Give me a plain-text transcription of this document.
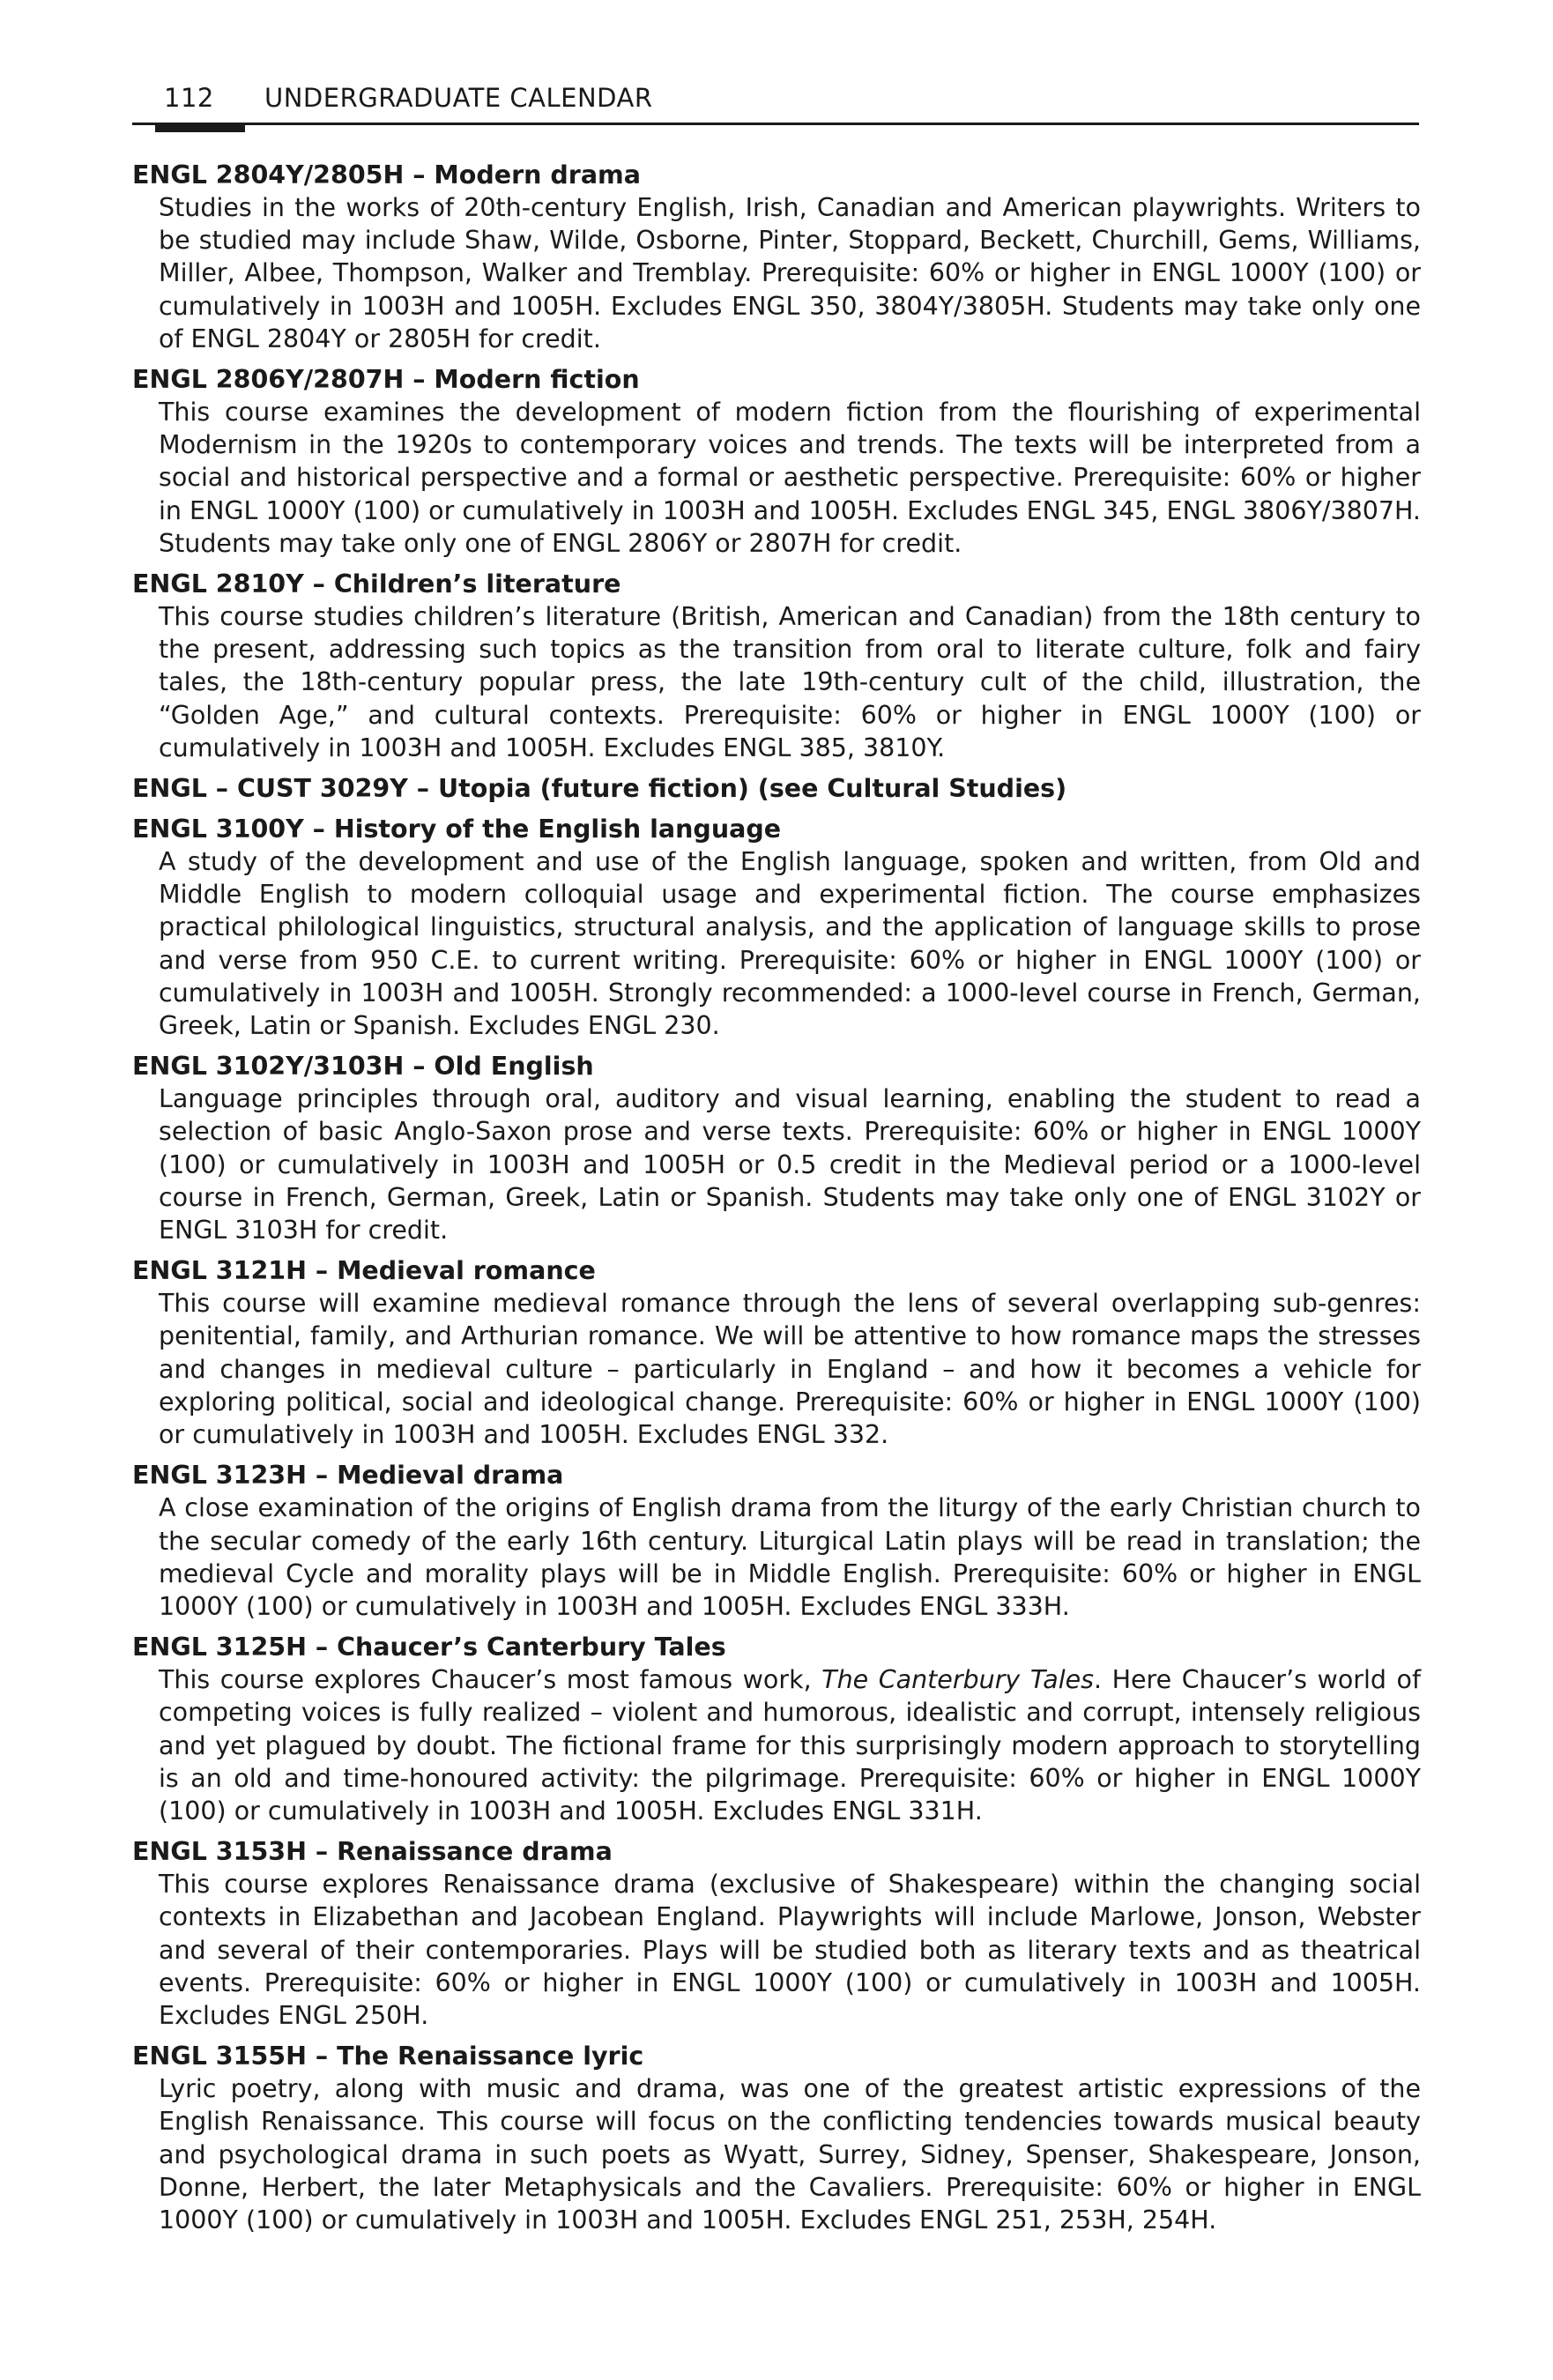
112 UNDERGRADUATE CALENDAR
ENGL 2804Y/2805H – Modern drama
Studies in the works of 20th-century English, Irish, Canadian and American playwrights. Writers to be studied may include Shaw, Wilde, Osborne, Pinter, Stoppard, Beckett, Churchill, Gems, Williams, Miller, Albee, Thompson, Walker and Tremblay. Prerequisite: 60% or higher in ENGL 1000Y (100) or cumulatively in 1003H and 1005H. Excludes ENGL 350, 3804Y/3805H. Students may take only one of ENGL 2804Y or 2805H for credit.
ENGL 2806Y/2807H – Modern fiction
This course examines the development of modern fiction from the flourishing of experimental Modernism in the 1920s to contemporary voices and trends. The texts will be interpreted from a social and historical perspective and a formal or aesthetic perspective. Prerequisite: 60% or higher in ENGL 1000Y (100) or cumulatively in 1003H and 1005H. Excludes ENGL 345, ENGL 3806Y/3807H. Students may take only one of ENGL 2806Y or 2807H for credit.
ENGL 2810Y – Children’s literature
This course studies children’s literature (British, American and Canadian) from the 18th century to the present, addressing such topics as the transition from oral to literate culture, folk and fairy tales, the 18th-century popular press, the late 19th-century cult of the child, illustration, the “Golden Age,” and cultural contexts. Prerequisite: 60% or higher in ENGL 1000Y (100) or cumulatively in 1003H and 1005H. Excludes ENGL 385, 3810Y.
ENGL – CUST 3029Y – Utopia (future fiction) (see Cultural Studies)
ENGL 3100Y – History of the English language
A study of the development and use of the English language, spoken and written, from Old and Middle English to modern colloquial usage and experimental fiction. The course emphasizes practical philological linguistics, structural analysis, and the application of language skills to prose and verse from 950 C.E. to current writing. Prerequisite: 60% or higher in ENGL 1000Y (100) or cumulatively in 1003H and 1005H. Strongly recommended: a 1000-level course in French, German, Greek, Latin or Spanish. Excludes ENGL 230.
ENGL 3102Y/3103H – Old English
Language principles through oral, auditory and visual learning, enabling the student to read a selection of basic Anglo-Saxon prose and verse texts. Prerequisite: 60% or higher in ENGL 1000Y (100) or cumulatively in 1003H and 1005H or 0.5 credit in the Medieval period or a 1000-level course in French, German, Greek, Latin or Spanish. Students may take only one of ENGL 3102Y or ENGL 3103H for credit.
ENGL 3121H – Medieval romance
This course will examine medieval romance through the lens of several overlapping sub-genres: penitential, family, and Arthurian romance. We will be attentive to how romance maps the stresses and changes in medieval culture – particularly in England – and how it becomes a vehicle for exploring political, social and ideological change. Prerequisite: 60% or higher in ENGL 1000Y (100) or cumulatively in 1003H and 1005H. Excludes ENGL 332.
ENGL 3123H – Medieval drama
A close examination of the origins of English drama from the liturgy of the early Christian church to the secular comedy of the early 16th century. Liturgical Latin plays will be read in translation; the medieval Cycle and morality plays will be in Middle English. Prerequisite: 60% or higher in ENGL 1000Y (100) or cumulatively in 1003H and 1005H. Excludes ENGL 333H.
ENGL 3125H – Chaucer’s Canterbury Tales
This course explores Chaucer’s most famous work, The Canterbury Tales. Here Chaucer’s world of competing voices is fully realized – violent and humorous, idealistic and corrupt, intensely religious and yet plagued by doubt. The fictional frame for this surprisingly modern approach to storytelling is an old and time-honoured activity: the pilgrimage. Prerequisite: 60% or higher in ENGL 1000Y (100) or cumulatively in 1003H and 1005H. Excludes ENGL 331H.
ENGL 3153H – Renaissance drama
This course explores Renaissance drama (exclusive of Shakespeare) within the changing social contexts in Elizabethan and Jacobean England. Playwrights will include Marlowe, Jonson, Webster and several of their contemporaries. Plays will be studied both as literary texts and as theatrical events. Prerequisite: 60% or higher in ENGL 1000Y (100) or cumulatively in 1003H and 1005H. Excludes ENGL 250H.
ENGL 3155H – The Renaissance lyric
Lyric poetry, along with music and drama, was one of the greatest artistic expressions of the English Renaissance. This course will focus on the conflicting tendencies towards musical beauty and psychological drama in such poets as Wyatt, Surrey, Sidney, Spenser, Shakespeare, Jonson, Donne, Herbert, the later Metaphysicals and the Cavaliers. Prerequisite: 60% or higher in ENGL 1000Y (100) or cumulatively in 1003H and 1005H. Excludes ENGL 251, 253H, 254H.
